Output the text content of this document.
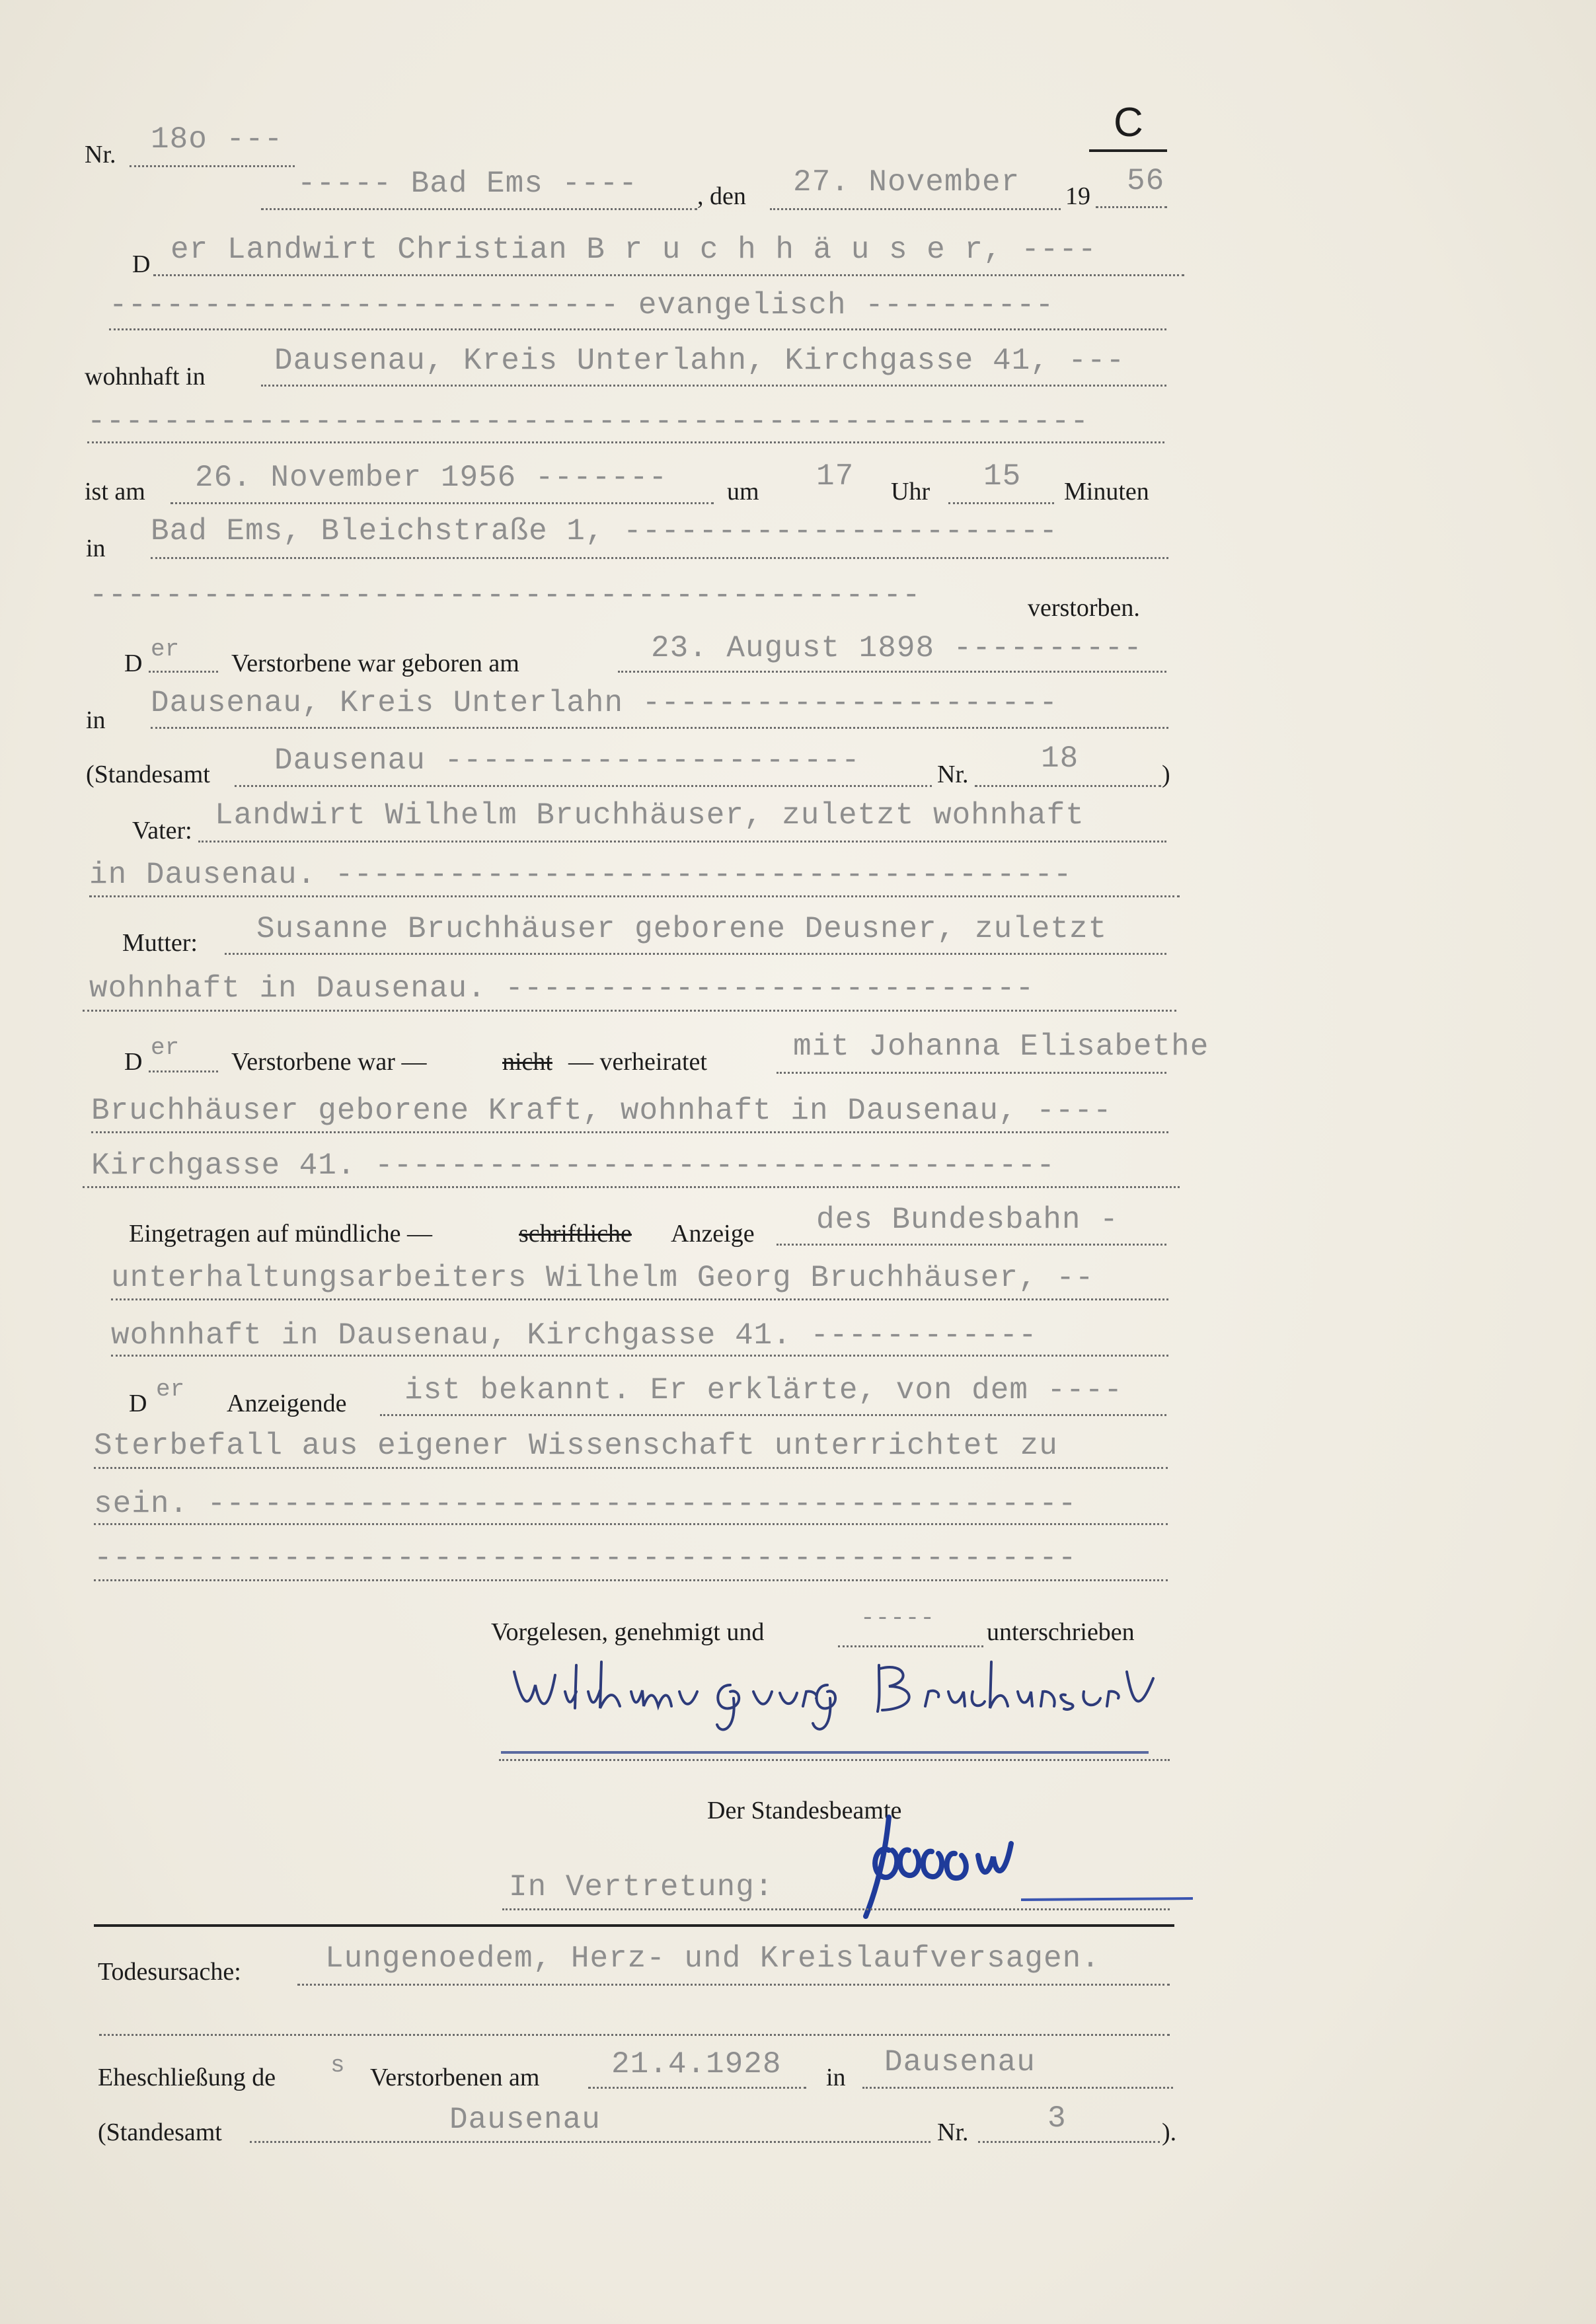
C
Nr. 18o ---
----- Bad Ems ---- , den 27. November 19 56
D er Landwirt Christian B r u c h h ä u s e r, ----
--------------------------- evangelisch ----------
wohnhaft in Dausenau, Kreis Unterlahn, Kirchgasse 41, ---
-----------------------------------------------------
ist am 26. November 1956 ------- um 17 Uhr 15 Minuten
in Bad Ems, Bleichstraße 1, -----------------------
--------------------------------------------	verstorben.
D
er
Verstorbene war geboren am	23. August 1898 ----------
in Dausenau, Kreis Unterlahn ----------------------
(Standesamt Dausenau ----------------------	Nr. 18	)
Vater: Landwirt Wilhelm Bruchhäuser, zuletzt wohnhaft
in Dausenau. ---------------------------------------
Mutter: Susanne Bruchhäuser geborene Deusner, zuletzt
wohnhaft in Dausenau. ----------------------------
D
er
Verstorbene war —	nicht — verheiratet	mit Johanna Elisabethe
Bruchhäuser geborene Kraft, wohnhaft in Dausenau, ----
Kirchgasse 41. ------------------------------------
Eingetragen auf mündliche —	schriftliche Anzeige des Bundesbahn -
unterhaltungsarbeiters Wilhelm Georg Bruchhäuser, --
wohnhaft in Dausenau, Kirchgasse 41. ------------
D
er
Anzeigende ist bekannt. Er erklärte, von dem ----
Sterbefall aus eigener Wissenschaft unterrichtet zu
sein. ----------------------------------------------
----------------------------------------------------
Vorgelesen, genehmigt und
-----
unterschrieben
Der Standesbeamte
In Vertretung:
Todesursache:	Lungenoedem, Herz- und Kreislaufversagen.
Eheschließung de s Verstorbenen am 21.4.1928 in Dausenau
(Standesamt	Dausenau	Nr.	3	).
